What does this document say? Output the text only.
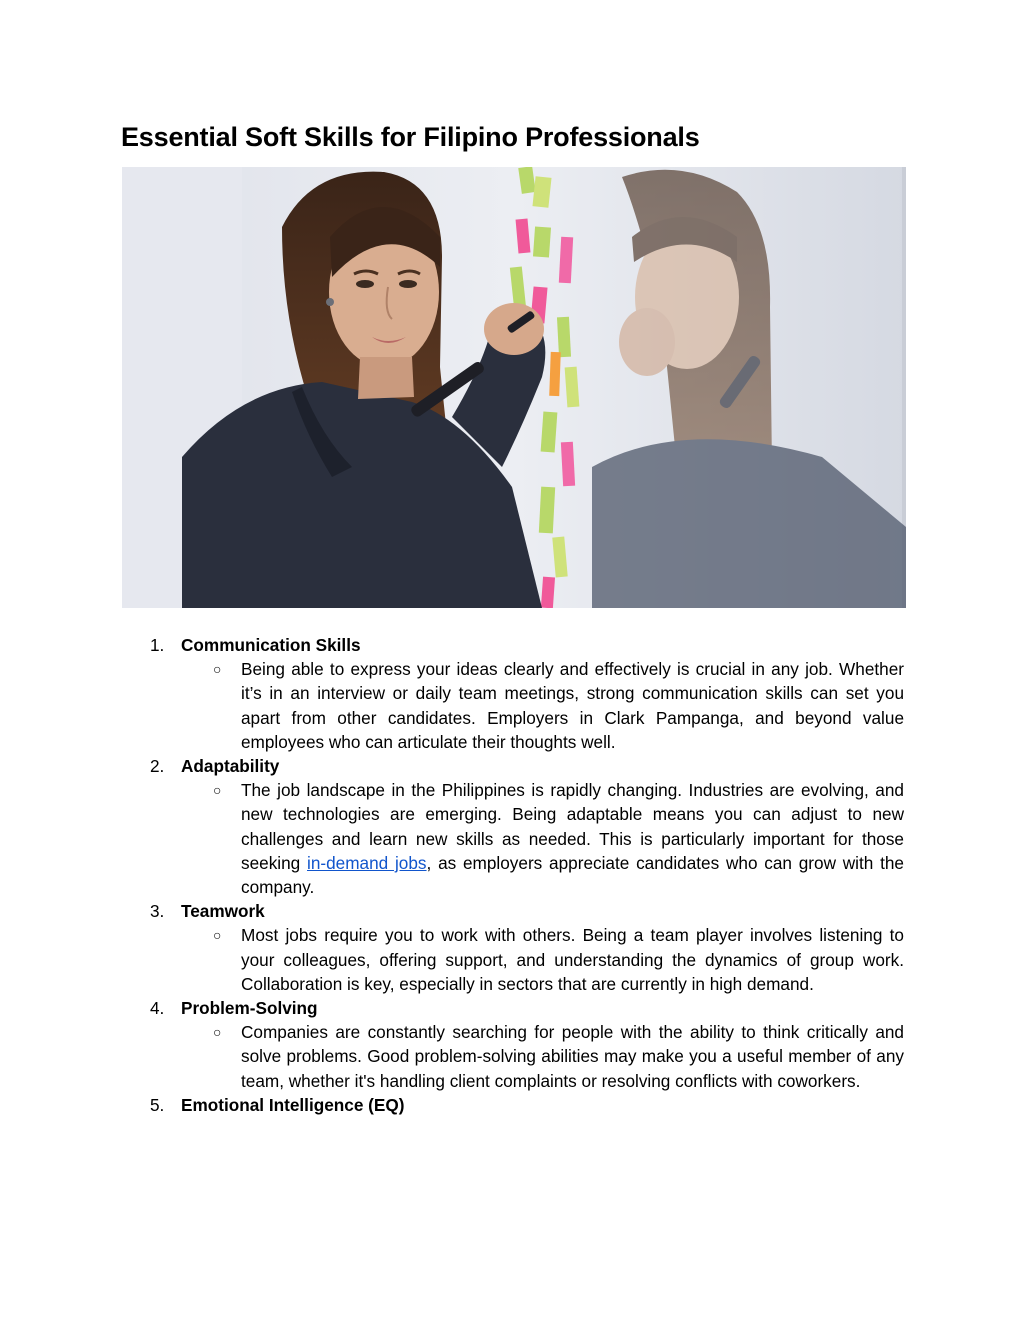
Essential Soft Skills for Filipino Professionals
1. Communication Skills

○ Being able to express your ideas clearly and effectively is crucial in any job. Whether it’s in an interview or daily team meetings, strong communication skills can set you apart from other candidates. Employers in Clark Pampanga, and beyond value employees who can articulate their thoughts well.

2. Adaptability

○ The job landscape in the Philippines is rapidly changing. Industries are evolving, and new technologies are emerging. Being adaptable means you can adjust to new challenges and learn new skills as needed. This is particularly important for those seeking in-demand jobs, as employers appreciate candidates who can grow with the company.

3. Teamwork

○ Most jobs require you to work with others. Being a team player involves listening to your colleagues, offering support, and understanding the dynamics of group work. Collaboration is key, especially in sectors that are currently in high demand.

4. Problem-Solving

○ Companies are constantly searching for people with the ability to think critically and solve problems. Good problem-solving abilities may make you a useful member of any team, whether it's handling client complaints or resolving conflicts with coworkers.

5. Emotional Intelligence (EQ)
